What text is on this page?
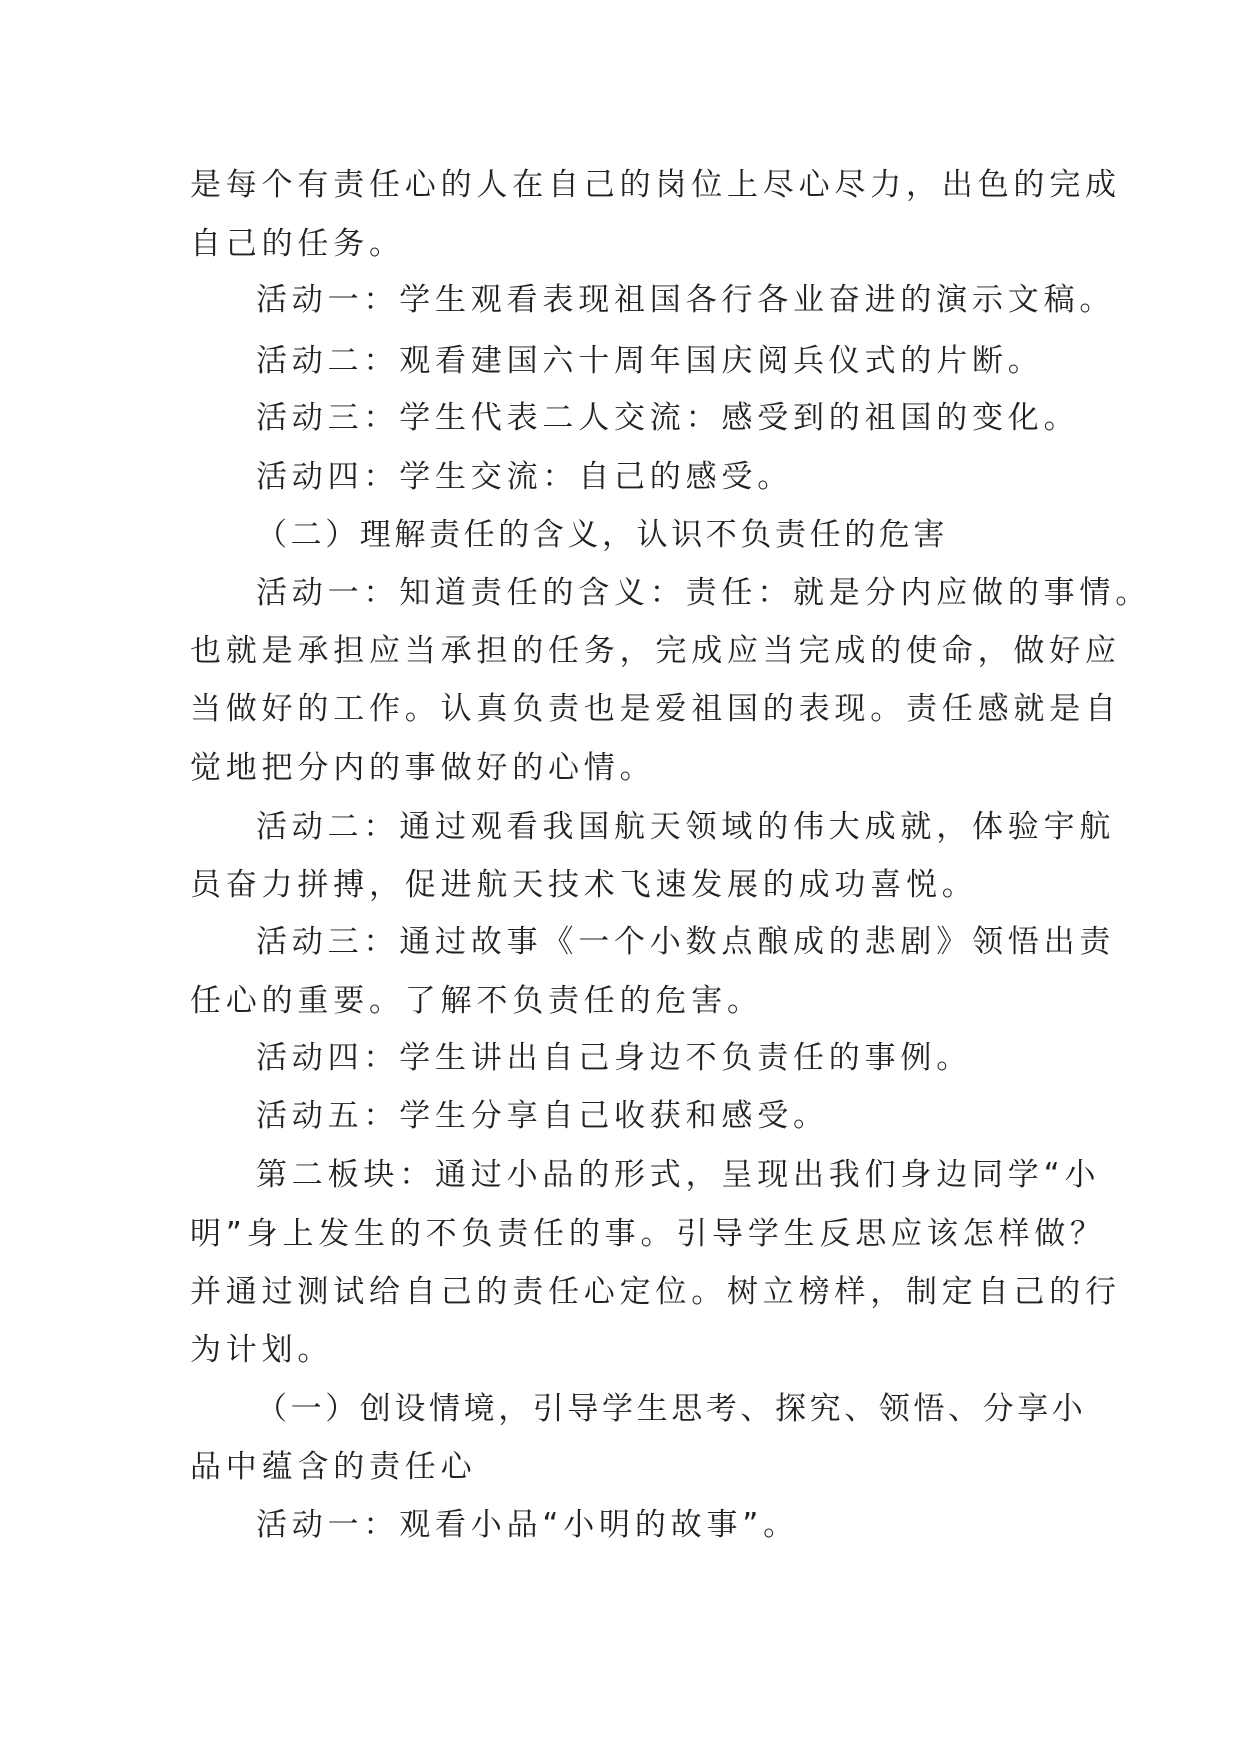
是每个有责任心的人在自己的岗位上尽心尽力，出色的完成

自己的任务。

活动一：学生观看表现祖国各行各业奋进的演示文稿。

活动二：观看建国六十周年国庆阅兵仪式的片断。

活动三：学生代表二人交流：感受到的祖国的变化。

活动四：学生交流：自己的感受。

（二）理解责任的含义，认识不负责任的危害

活动一：知道责任的含义：责任：就是分内应做的事情。

也就是承担应当承担的任务，完成应当完成的使命，做好应

当做好的工作。认真负责也是爱祖国的表现。责任感就是自

觉地把分内的事做好的心情。

活动二：通过观看我国航天领域的伟大成就，体验宇航

员奋力拼搏，促进航天技术飞速发展的成功喜悦。

活动三：通过故事《一个小数点酿成的悲剧》领悟出责

任心的重要。了解不负责任的危害。

活动四：学生讲出自己身边不负责任的事例。

活动五：学生分享自己收获和感受。

第二板块：通过小品的形式，呈现出我们身边同学“小

明”身上发生的不负责任的事。引导学生反思应该怎样做？

并通过测试给自己的责任心定位。树立榜样，制定自己的行

为计划。

（一）创设情境，引导学生思考、探究、领悟、分享小

品中蕴含的责任心

活动一：观看小品“小明的故事”。
